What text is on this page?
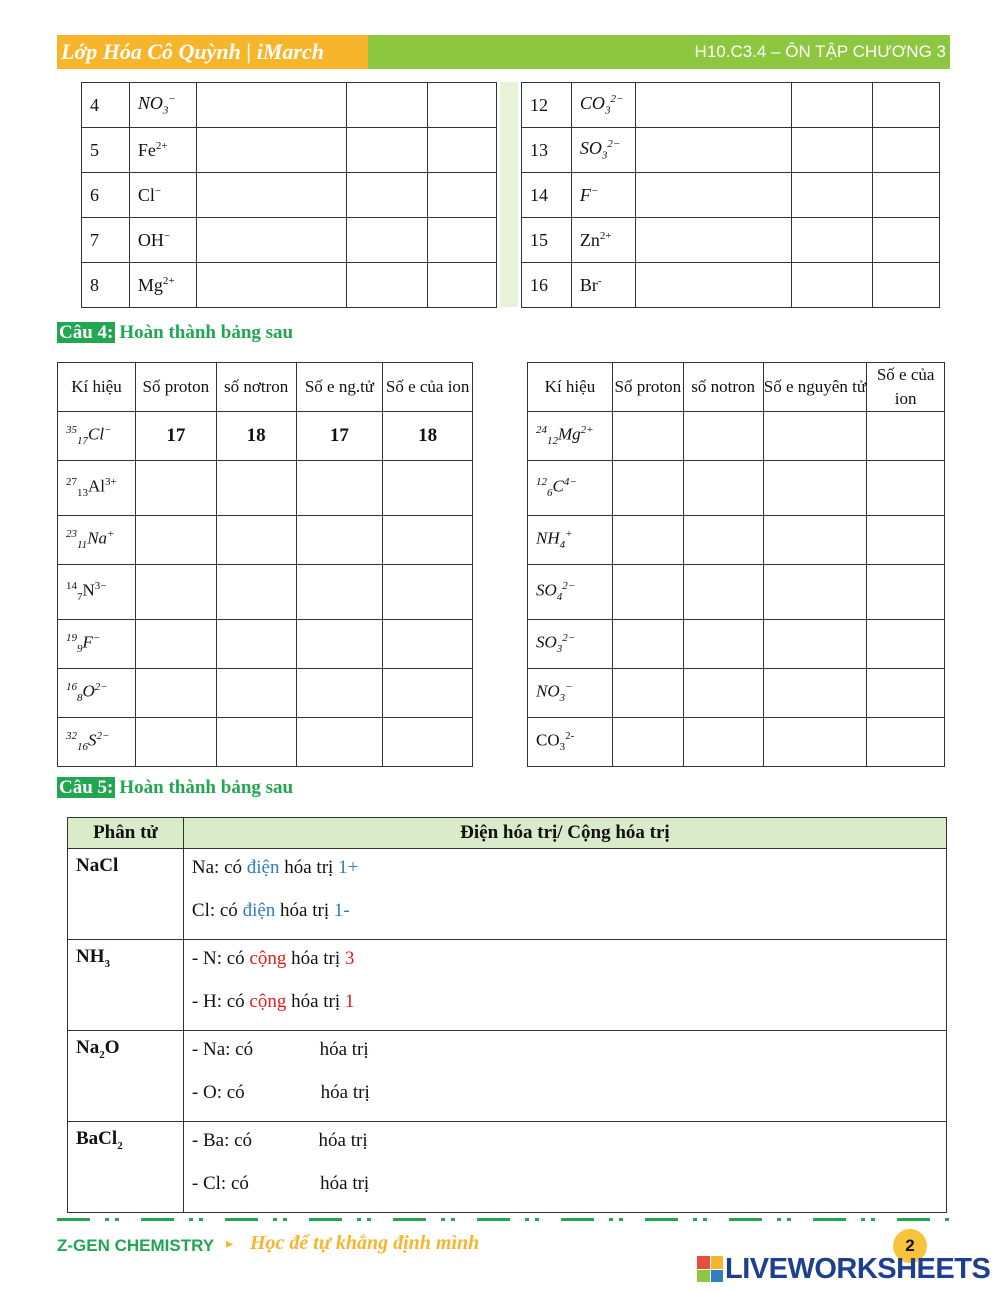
Lớp Hóa Cô Quỳnh | iMarch	H10.C3.4 – ÔN TẬP CHƯƠNG 3
4	$NO_3^-$			
5	$Fe^{2+}$			
6	Cl−			
7	OH−			
8	$Mg^{2+}$			
12	$CO_3^{2-}$			
13	$SO_3^{2-}$			
14	F−			
15	$Zn^{2+}$			
16	Br-			
Câu 4: Hoàn thành bảng sau
Kí hiệu	Số proton	số nơtron	Số e ng.tử	Số e của ion
$^{35}_{17}$Cl−	17	18	17	18
$^{27}_{13}Al^{3+}$				
$^{23}_{11}$Na+				
$^{14}_7N^{3-}$				
$^{19}_9$F−				
$^{16}_8O^{2-}$				
$^{32}_{16}S^{2-}$				
Kí hiệu	Số proton	số notron	Số e nguyên tử	Số e của ion
$^{24}_{12}Mg^{2+}$				
$^{12}_6C^{4-}$				
$NH_4^+$				
$SO_4^{2-}$				
$SO_3^{2-}$				
$NO_3^-$				
$CO_3^{2-}$				
Câu 5: Hoàn thành bảng sau
Phân tử	Điện hóa trị/ Cộng hóa trị
NaCl	Na: có điện hóa trị 1+
Cl: có điện hóa trị 1-

$NH_3$	- N: có cộng hóa trị 3
- H: có cộng hóa trị 1

$Na_2O$	- Na: có              hóa trị
- O: có                hóa trị

BaCl$_2$	- Ba: có              hóa trị
- Cl: có               hóa trị
Z-GEN CHEMISTRY ▸ Học để tự khẳng định mình	2
LIVEWORKSHEETS
